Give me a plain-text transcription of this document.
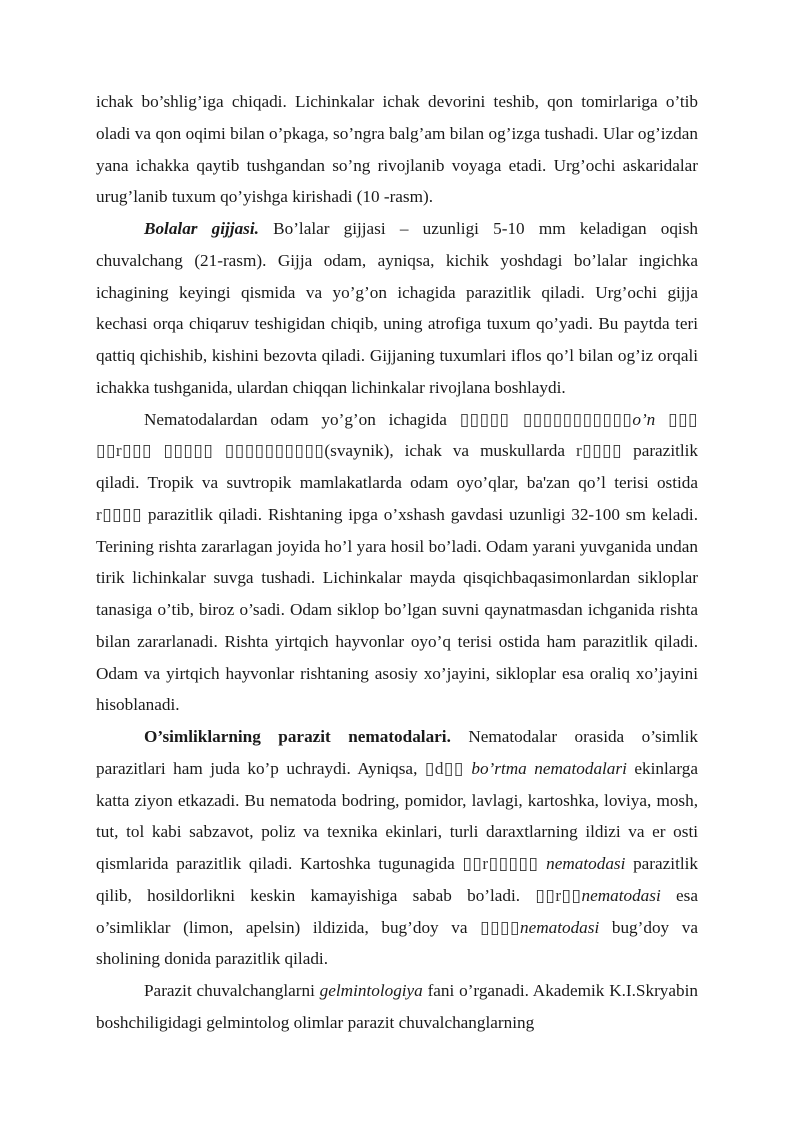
ichak bo’shlig’iga chiqadi. Lichinkalar ichak devorini teshib, qon tomirlariga o’tib oladi va qon oqimi bilan o’pkaga, so’ngra balg’am bilan og’izga tushadi. Ular og’izdan yana ichakka qaytib tushgandan so’ng rivojlanib voyaga etadi. Urg’ochi askaridalar urug’lanib tuxum qo’yishga kirishadi (10 -rasm).

Bolalar gijjasi. Bo’lalar gijjasi – uzunligi 5-10 mm keladigan oqish chuvalchang (21-rasm). Gijja odam, ayniqsa, kichik yoshdagi bo’lalar ingichka ichagining keyingi qismida va yo’g’on ichagida parazitlik qiladi. Urg’ochi gijja kechasi orqa chiqaruv teshigidan chiqib, uning atrofiga tuxum qo’yadi. Bu paytda teri qattiq qichishib, kishini bezovta qiladi. Gijjaning tuxumlari iflos qo’l bilan og’iz orqali ichakka tushganida, ulardan chiqqan lichinkalar rivojlana boshlaydi.

Nematodalardan odam yo’g’on ichagida ▯▯▯▯▯ ▯▯▯▯▯▯▯▯▯▯▯o’n ▯▯▯ ▯▯r▯▯▯ ▯▯▯▯▯ ▯▯▯▯▯▯▯▯▯▯(svaynik), ichak va muskullarda r▯▯▯▯ parazitlik qiladi. Tropik va suvtropik mamlakatlarda odam oyo’qlar, ba'zan qo’l terisi ostida r▯▯▯▯ parazitlik qiladi. Rishtaning ipga o’xshash gavdasi uzunligi 32-100 sm keladi. Terining rishta zararlagan joyida ho’l yara hosil bo’ladi. Odam yarani yuvganida undan tirik lichinkalar suvga tushadi. Lichinkalar mayda qisqichbaqasimonlardan sikloplar tanasiga o’tib, biroz o’sadi. Odam siklop bo’lgan suvni qaynatmasdan ichganida rishta bilan zararlanadi. Rishta yirtqich hayvonlar oyo’q terisi ostida ham parazitlik qiladi. Odam va yirtqich hayvonlar rishtaning asosiy xo’jayini, sikloplar esa oraliq xo’jayini hisoblanadi.

O’simliklarning parazit nematodalari. Nematodalar orasida o’simlik parazitlari ham juda ko’p uchraydi. Ayniqsa, ▯d▯▯ bo’rtma nematodalari ekinlarga katta ziyon etkazadi. Bu nematoda bodring, pomidor, lavlagi, kartoshka, loviya, mosh, tut, tol kabi sabzavot, poliz va texnika ekinlari, turli daraxtlarning ildizi va er osti qismlarida parazitlik qiladi. Kartoshka tugunagida ▯▯r▯▯▯▯▯ nematodasi parazitlik qilib, hosildorlikni keskin kamayishiga sabab bo’ladi. ▯▯r▯▯nematodasi esa o’simliklar (limon, apelsin) ildizida, bug’doy va ▯▯▯▯nematodasi bug’doy va sholining donida parazitlik qiladi.

Parazit chuvalchanglarni gelmintologiya fani o’rganadi. Akademik K.I.Skryabin boshchiligidagi gelmintolog olimlar parazit chuvalchanglarning
